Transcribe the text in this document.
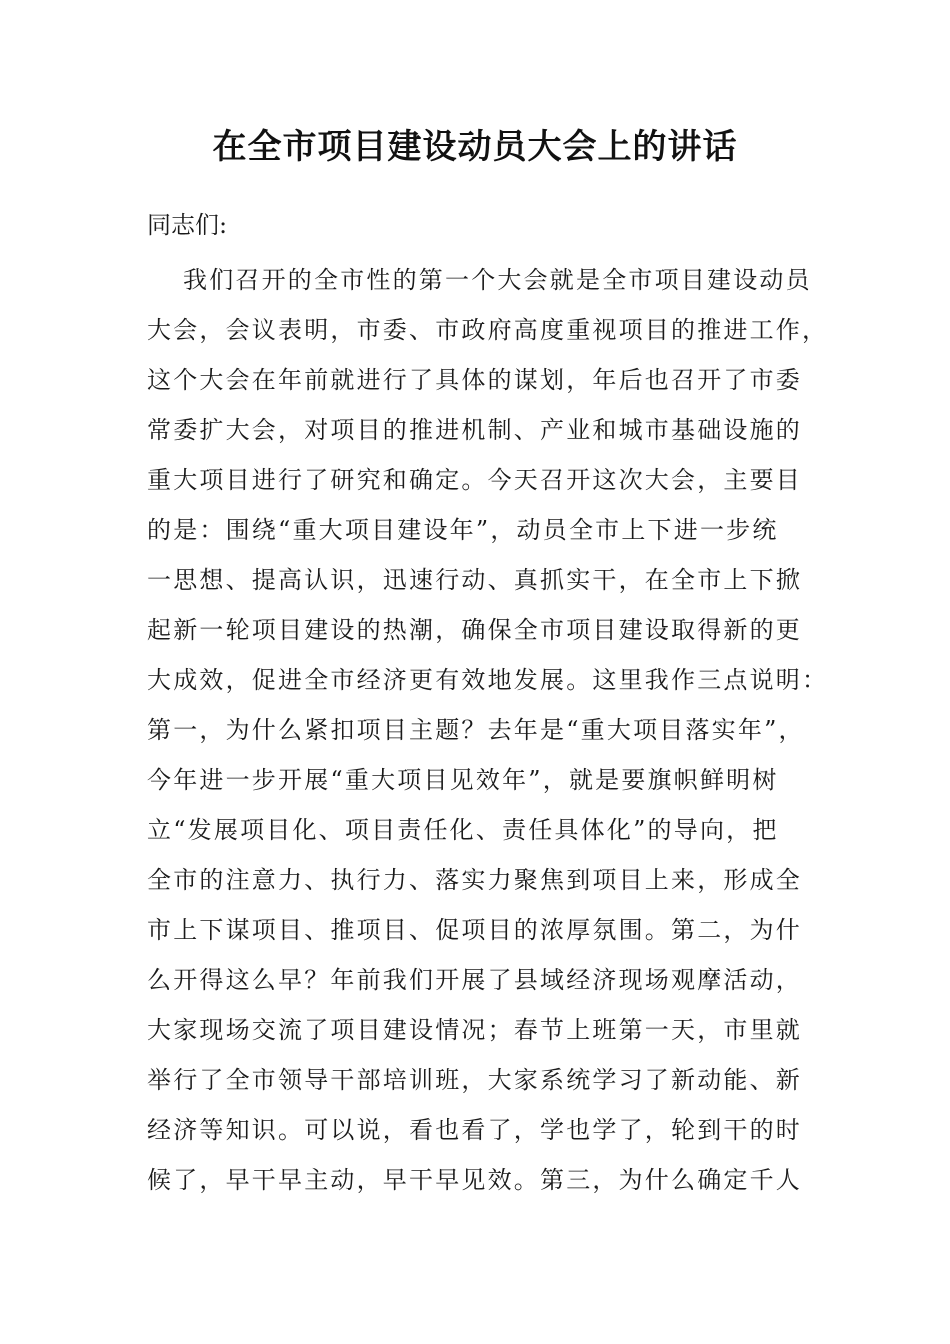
在全市项目建设动员大会上的讲话
同志们:
我们召开的全市性的第一个大会就是全市项目建设动员
大会，会议表明，市委、市政府高度重视项目的推进工作，
这个大会在年前就进行了具体的谋划，年后也召开了市委
常委扩大会，对项目的推进机制、产业和城市基础设施的
重大项目进行了研究和确定。今天召开这次大会，主要目
的是：围绕“重大项目建设年”，动员全市上下进一步统
一思想、提高认识，迅速行动、真抓实干，在全市上下掀
起新一轮项目建设的热潮，确保全市项目建设取得新的更
大成效，促进全市经济更有效地发展。这里我作三点说明：
第一，为什么紧扣项目主题？去年是“重大项目落实年”，
今年进一步开展“重大项目见效年”，就是要旗帜鲜明树
立“发展项目化、项目责任化、责任具体化”的导向，把
全市的注意力、执行力、落实力聚焦到项目上来，形成全
市上下谋项目、推项目、促项目的浓厚氛围。第二，为什
么开得这么早？年前我们开展了县域经济现场观摩活动，
大家现场交流了项目建设情况；春节上班第一天，市里就
举行了全市领导干部培训班，大家系统学习了新动能、新
经济等知识。可以说，看也看了，学也学了，轮到干的时
候了，早干早主动，早干早见效。第三，为什么确定千人
